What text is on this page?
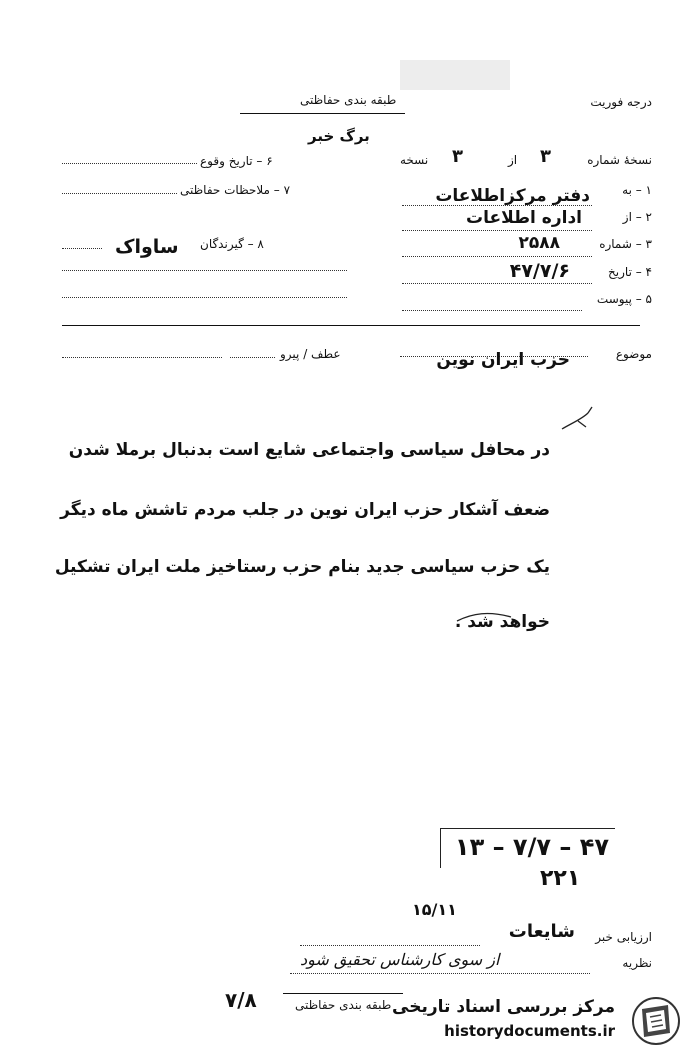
درجه فوریت
طبقه بندی حفاظتی
برگ خبر
نسخهٔ شماره
۳
از
۳
نسخه
۱ – به
دفتر مرکزاطلاعات
۲ – از
اداره اطلاعات
۳ – شماره
۲۵۸۸
۴ – تاریخ
۴۷/۷/۶
۵ – پیوست
۶ – تاریخ وقوع
۷ – ملاحظات حفاظتی
ساواک ۸ – گیرندگان
عطف / پیرو	موضوع
حزب ایران نوین
در محافل سیاسی واجتماعی شایع است بدنبال برملا شدن
ضعف آشکار حزب ایران نوین در جلب مردم تاشش ماه دیگر
یک حزب سیاسی جدید بنام حزب رستاخیز ملت ایران تشکیل
خواهد شد .
۱۳ – ۷/۷ – ۴۷
۲۲۱
۱۵/۱۱
ارزیابی خبر
شایعات
نظریه
از سوی کارشناس تحقیق شود
۷/۸	طبقه بندی حفاظتی مرکز بررسی اسناد تاریخی
historydocuments.ir
